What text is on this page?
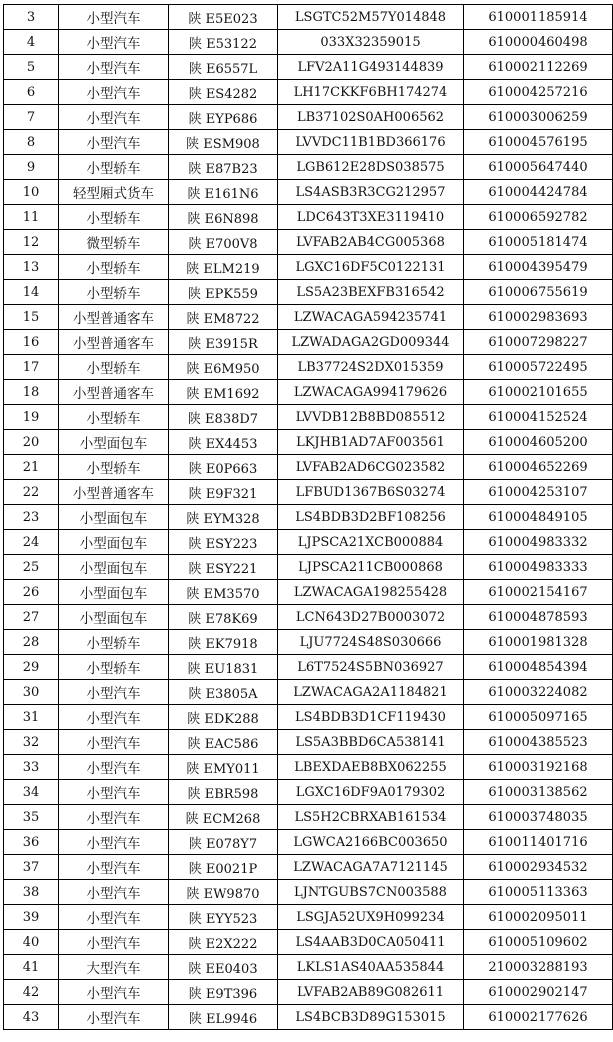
3	小型汽车	陕 E5E023	LSGTC52M57Y014848	610001185914
4	小型汽车	陕 E53122	033X32359015	610000460498
5	小型汽车	陕 E6557L	LFV2A11G493144839	610002112269
6	小型汽车	陕 ES4282	LH17CKKF6BH174274	610004257216
7	小型汽车	陕 EYP686	LB37102S0AH006562	610003006259
8	小型汽车	陕 ESM908	LVVDC11B1BD366176	610004576195
9	小型轿车	陕 E87B23	LGB612E28DS038575	610005647440
10	轻型厢式货车	陕 E161N6	LS4ASB3R3CG212957	610004424784
11	小型轿车	陕 E6N898	LDC643T3XE3119410	610006592782
12	微型轿车	陕 E700V8	LVFAB2AB4CG005368	610005181474
13	小型轿车	陕 ELM219	LGXC16DF5C0122131	610004395479
14	小型轿车	陕 EPK559	LS5A23BEXFB316542	610006755619
15	小型普通客车	陕 EM8722	LZWACAGA594235741	610002983693
16	小型普通客车	陕 E3915R	LZWADAGA2GD009344	610007298227
17	小型轿车	陕 E6M950	LB37724S2DX015359	610005722495
18	小型普通客车	陕 EM1692	LZWACAGA994179626	610002101655
19	小型轿车	陕 E838D7	LVVDB12B8BD085512	610004152524
20	小型面包车	陕 EX4453	LKJHB1AD7AF003561	610004605200
21	小型轿车	陕 E0P663	LVFAB2AD6CG023582	610004652269
22	小型普通客车	陕 E9F321	LFBUD1367B6S03274	610004253107
23	小型面包车	陕 EYM328	LS4BDB3D2BF108256	610004849105
24	小型面包车	陕 ESY223	LJPSCA21XCB000884	610004983332
25	小型面包车	陕 ESY221	LJPSCA211CB000868	610004983333
26	小型面包车	陕 EM3570	LZWACAGA198255428	610002154167
27	小型面包车	陕 E78K69	LCN643D27B0003072	610004878593
28	小型轿车	陕 EK7918	LJU7724S48S030666	610001981328
29	小型轿车	陕 EU1831	L6T7524S5BN036927	610004854394
30	小型汽车	陕 E3805A	LZWACAGA2A1184821	610003224082
31	小型汽车	陕 EDK288	LS4BDB3D1CF119430	610005097165
32	小型汽车	陕 EAC586	LS5A3BBD6CA538141	610004385523
33	小型汽车	陕 EMY011	LBEXDAEB8BX062255	610003192168
34	小型汽车	陕 EBR598	LGXC16DF9A0179302	610003138562
35	小型汽车	陕 ECM268	LS5H2CBRXAB161534	610003748035
36	小型汽车	陕 E078Y7	LGWCA2166BC003650	610011401716
37	小型汽车	陕 E0021P	LZWACAGA7A7121145	610002934532
38	小型汽车	陕 EW9870	LJNTGUBS7CN003588	610005113363
39	小型汽车	陕 EYY523	LSGJA52UX9H099234	610002095011
40	小型汽车	陕 E2X222	LS4AAB3D0CA050411	610005109602
41	大型汽车	陕 EE0403	LKLS1AS40AA535844	210003288193
42	小型汽车	陕 E9T396	LVFAB2AB89G082611	610002902147
43	小型汽车	陕 EL9946	LS4BCB3D89G153015	610002177626
